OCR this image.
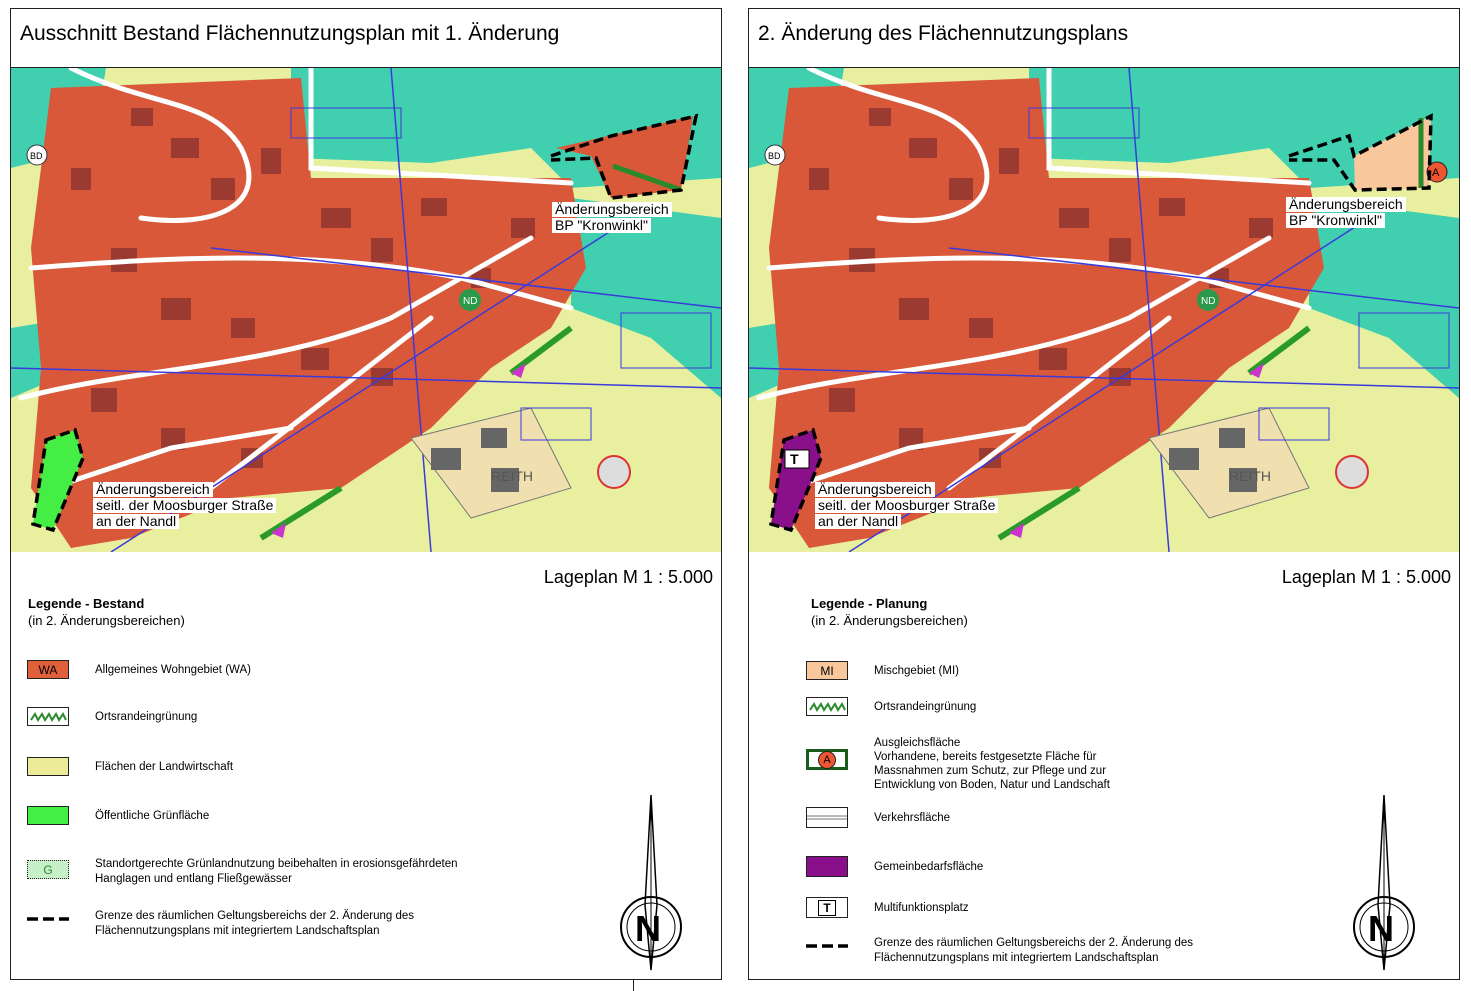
Ausschnitt Bestand Flächennutzungsplan mit 1. Änderung
REITH
ND
BD
Änderungsbereich
BP "Kronwinkl"
Änderungsbereich
seitl. der Moosburger Straße
an der Nandl
Lageplan M 1 : 5.000
Legende - Bestand
(in 2. Änderungsbereichen)
WA	Allgemeines Wohngebiet (WA)
Ortsrandeingrünung
Flächen der Landwirtschaft
Öffentliche Grünfläche
G	Standortgerechte Grünlandnutzung beibehalten in erosionsgefährdeten
Hanglagen und entlang Fließgewässer
Grenze des räumlichen Geltungsbereichs der 2. Änderung des
Flächennutzungsplans mit integriertem Landschaftsplan	N
2. Änderung des Flächennutzungsplans
REITH
ND
BD
A
T
Änderungsbereich
BP "Kronwinkl"
Änderungsbereich
seitl. der Moosburger Straße
an der Nandl
Lageplan M 1 : 5.000
Legende - Planung
(in 2. Änderungsbereichen)
MI	Mischgebiet (MI)
Ortsrandeingrünung
A
Ausgleichsfläche
Vorhandene, bereits festgesetzte Fläche für
Massnahmen zum Schutz, zur Pflege und zur
Entwicklung von Boden, Natur und Landschaft
Verkehrsfläche
Gemeinbedarfsfläche
T	Multifunktionsplatz
Grenze des räumlichen Geltungsbereichs der 2. Änderung des
Flächennutzungsplans mit integriertem Landschaftsplan
N
